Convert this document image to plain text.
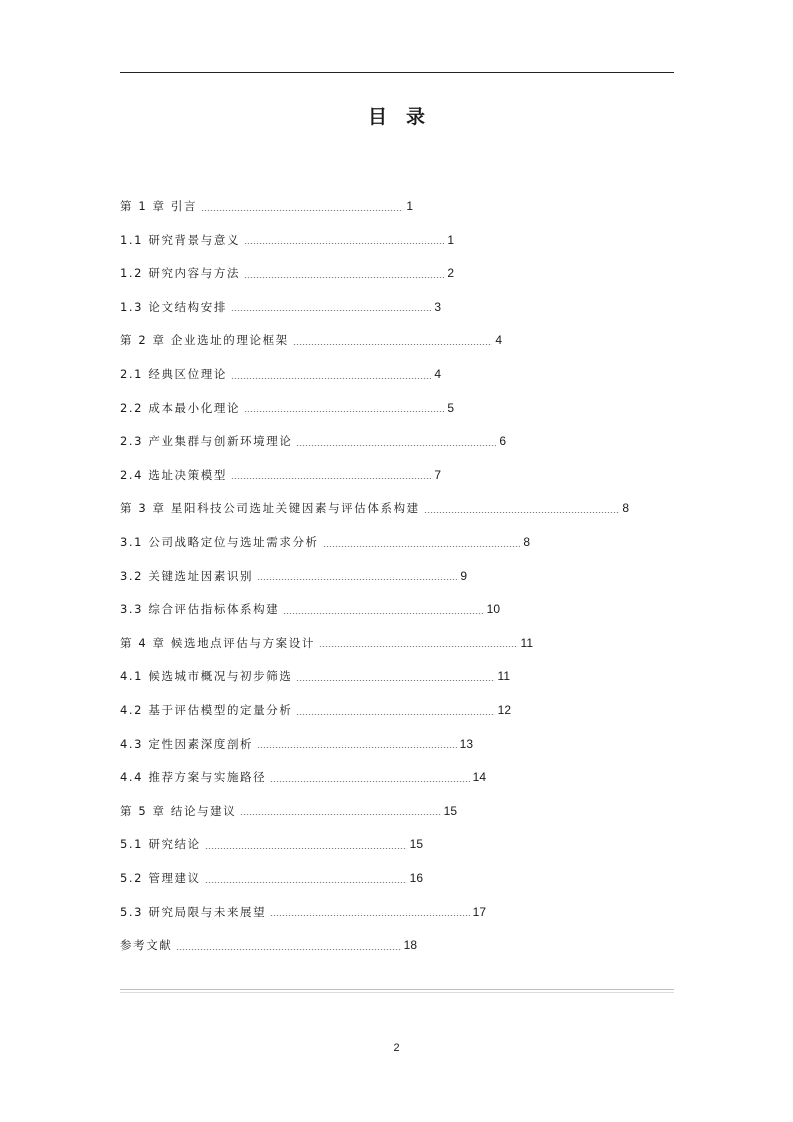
目　录
第 1 章 引言	1
1.1 研究背景与意义	1
1.2 研究内容与方法	2
1.3 论文结构安排	3
第 2 章 企业选址的理论框架	4
2.1 经典区位理论	4
2.2 成本最小化理论	5
2.3 产业集群与创新环境理论	6
2.4 选址决策模型	7
第 3 章 星阳科技公司选址关键因素与评估体系构建	8
3.1 公司战略定位与选址需求分析	8
3.2 关键选址因素识别	9
3.3 综合评估指标体系构建	10
第 4 章 候选地点评估与方案设计	11
4.1 候选城市概况与初步筛选	11
4.2 基于评估模型的定量分析	12
4.3 定性因素深度剖析	13
4.4 推荐方案与实施路径	14
第 5 章 结论与建议	15
5.1 研究结论	15
5.2 管理建议	16
5.3 研究局限与未来展望	17
参考文献	18
2
